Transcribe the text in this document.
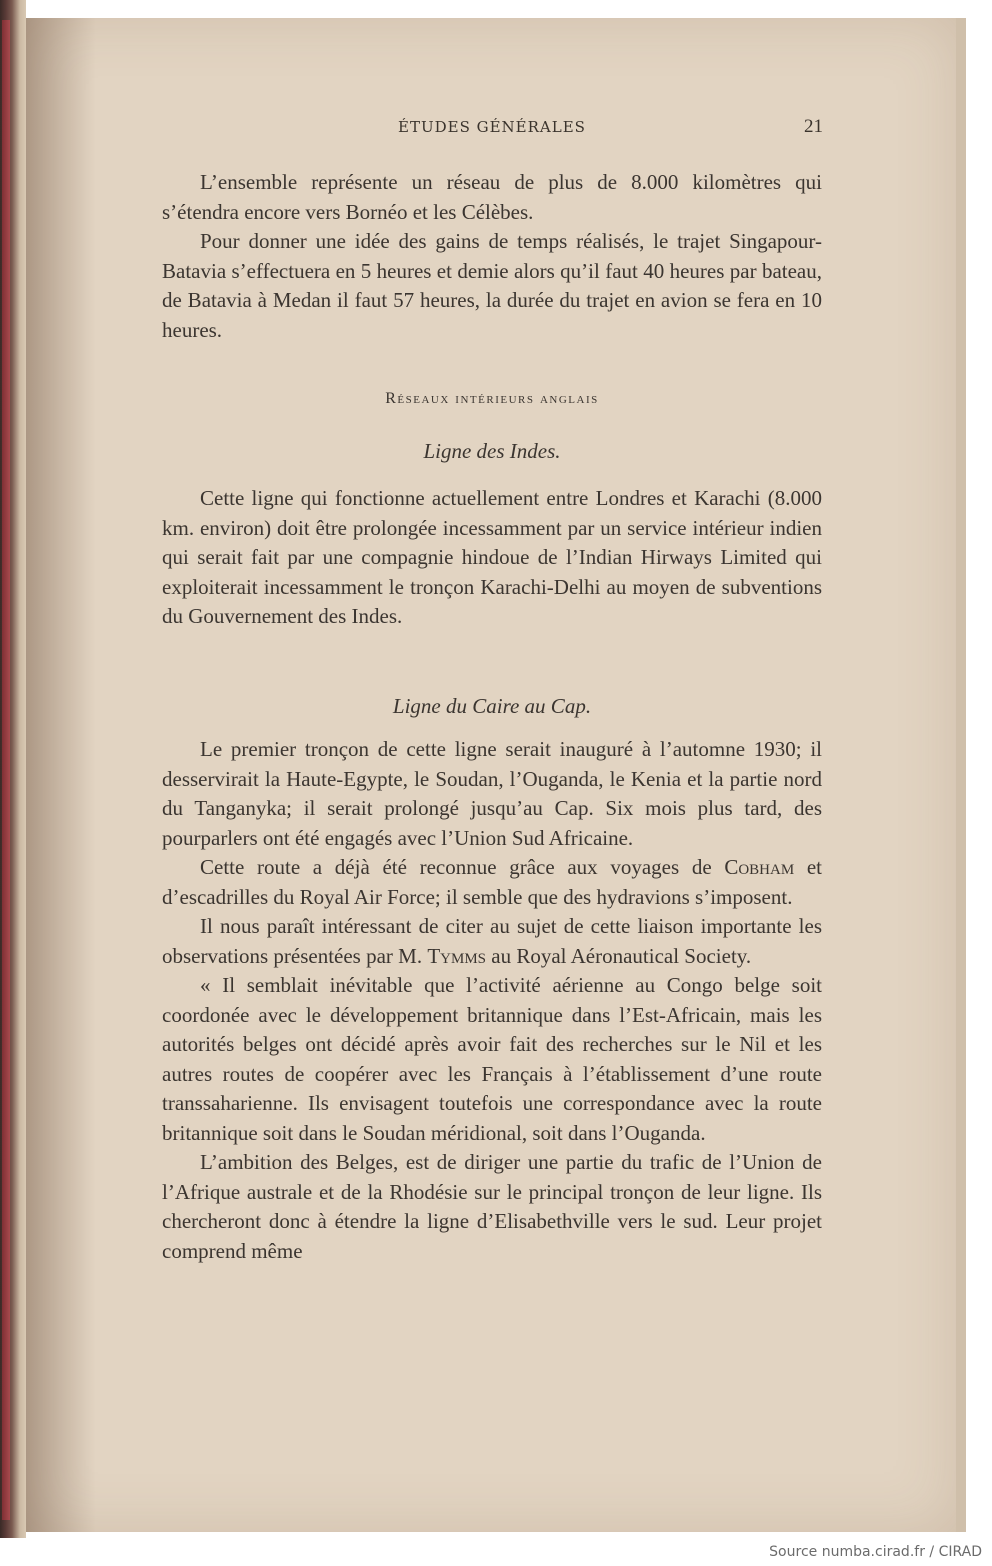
ÉTUDES GÉNÉRALES	21

L’ensemble représente un réseau de plus de 8.000 kilomètres qui s’étendra encore vers Bornéo et les Célèbes.

Pour donner une idée des gains de temps réalisés, le trajet Singapour-Batavia s’effectuera en 5 heures et demie alors qu’il faut 40 heures par bateau, de Batavia à Medan il faut 57 heures, la durée du trajet en avion se fera en 10 heures.

Réseaux intérieurs anglais
Ligne des Indes.

Cette ligne qui fonctionne actuellement entre Londres et Karachi (8.000 km. environ) doit être prolongée incessamment par un service intérieur indien qui serait fait par une compagnie hindoue de l’Indian Hirways Limited qui exploiterait incessamment le tronçon Karachi-Delhi au moyen de subventions du Gouvernement des Indes.

Ligne du Caire au Cap.

Le premier tronçon de cette ligne serait inauguré à l’automne 1930; il desservirait la Haute-Egypte, le Soudan, l’Ouganda, le Kenia et la partie nord du Tanganyka; il serait prolongé jusqu’au Cap. Six mois plus tard, des pourparlers ont été engagés avec l’Union Sud Africaine.

Cette route a déjà été reconnue grâce aux voyages de Cobham et d’escadrilles du Royal Air Force; il semble que des hydravions s’imposent.

Il nous paraît intéressant de citer au sujet de cette liaison importante les observations présentées par M. Tymms au Royal Aéronautical Society.

« Il semblait inévitable que l’activité aérienne au Congo belge soit coordonée avec le développement britannique dans l’Est-Africain, mais les autorités belges ont décidé après avoir fait des recherches sur le Nil et les autres routes de coopérer avec les Français à l’établissement d’une route transsaharienne. Ils envisagent toutefois une correspondance avec la route britannique soit dans le Soudan méridional, soit dans l’Ouganda.

L’ambition des Belges, est de diriger une partie du trafic de l’Union de l’Afrique australe et de la Rhodésie sur le principal tronçon de leur ligne. Ils chercheront donc à étendre la ligne d’Elisabethville vers le sud. Leur projet comprend même

Source numba.cirad.fr / CIRAD
